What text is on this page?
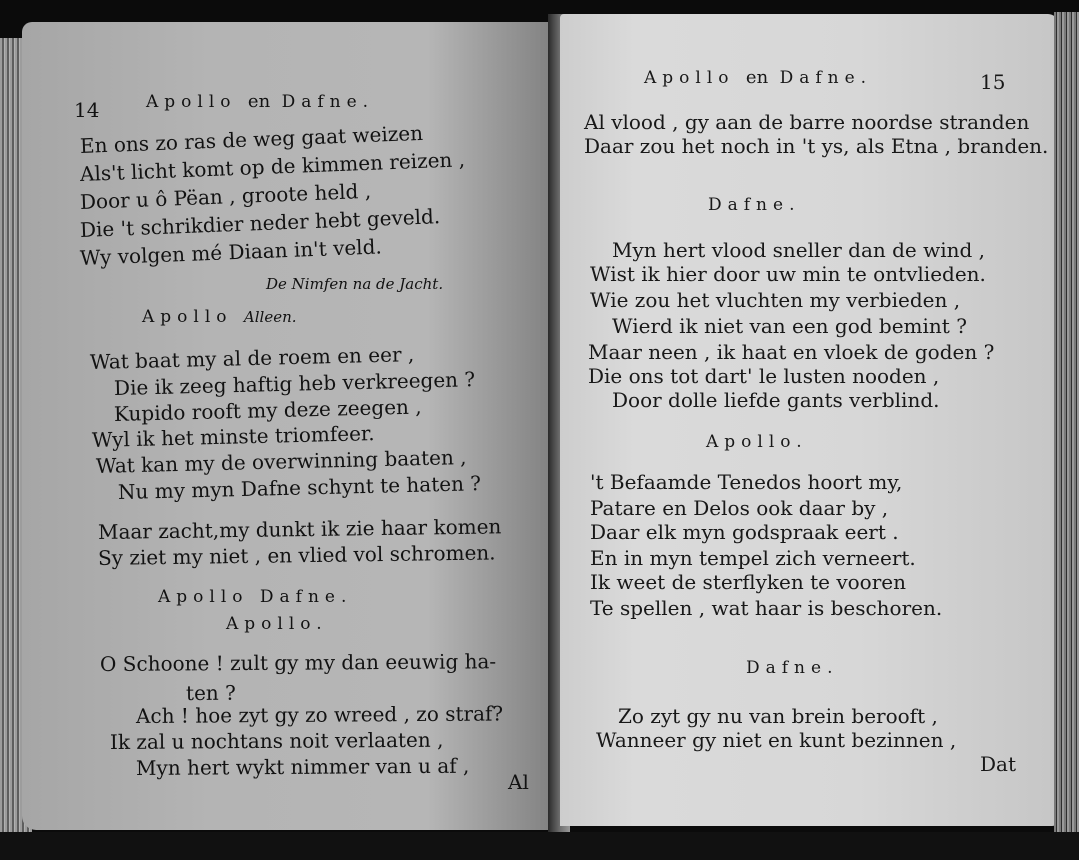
14	Apollo en Dafne.
En ons zo ras de weg gaat weizen
Als't licht komt op de kimmen reizen ,
Door u ô Pëan , groote held ,
Die 't schrikdier neder hebt geveld.
Wy volgen mé Diaan in't veld.
De Nimfen na de Jacht.
Apollo Alleen.
Wat baat my al de roem en eer ,
Die ik zeeg haftig heb verkreegen ?
Kupido rooft my deze zeegen ,
Wyl ik het minste triomfeer.
Wat kan my de overwinning baaten ,
Nu my myn Dafne schynt te haten ?
Maar zacht,my dunkt ik zie haar komen
Sy ziet my niet , en vlied vol schromen.
Apollo Dafne.
Apollo.
O Schoone ! zult gy my dan eeuwig ha-
ten ?
Ach ! hoe zyt gy zo wreed , zo straf?
Ik zal u nochtans noit verlaaten ,
Myn hert wykt nimmer van u af ,
Al
Apollo en Dafne.	15
Al vlood , gy aan de barre noordse stranden
Daar zou het noch in 't ys, als Etna , branden.
Dafne.
Myn hert vlood sneller dan de wind ,
Wist ik hier door uw min te ontvlieden.
Wie zou het vluchten my verbieden ,
Wierd ik niet van een god bemint ?
Maar neen , ik haat en vloek de goden ?
Die ons tot dart' le lusten nooden ,
Door dolle liefde gants verblind.
Apollo.
't Befaamde Tenedos hoort my,
Patare en Delos ook daar by ,
Daar elk myn godspraak eert .
En in myn tempel zich verneert.
Ik weet de sterflyken te vooren
Te spellen , wat haar is beschoren.
Dafne.
Zo zyt gy nu van brein berooft ,
Wanneer gy niet en kunt bezinnen ,
Dat
